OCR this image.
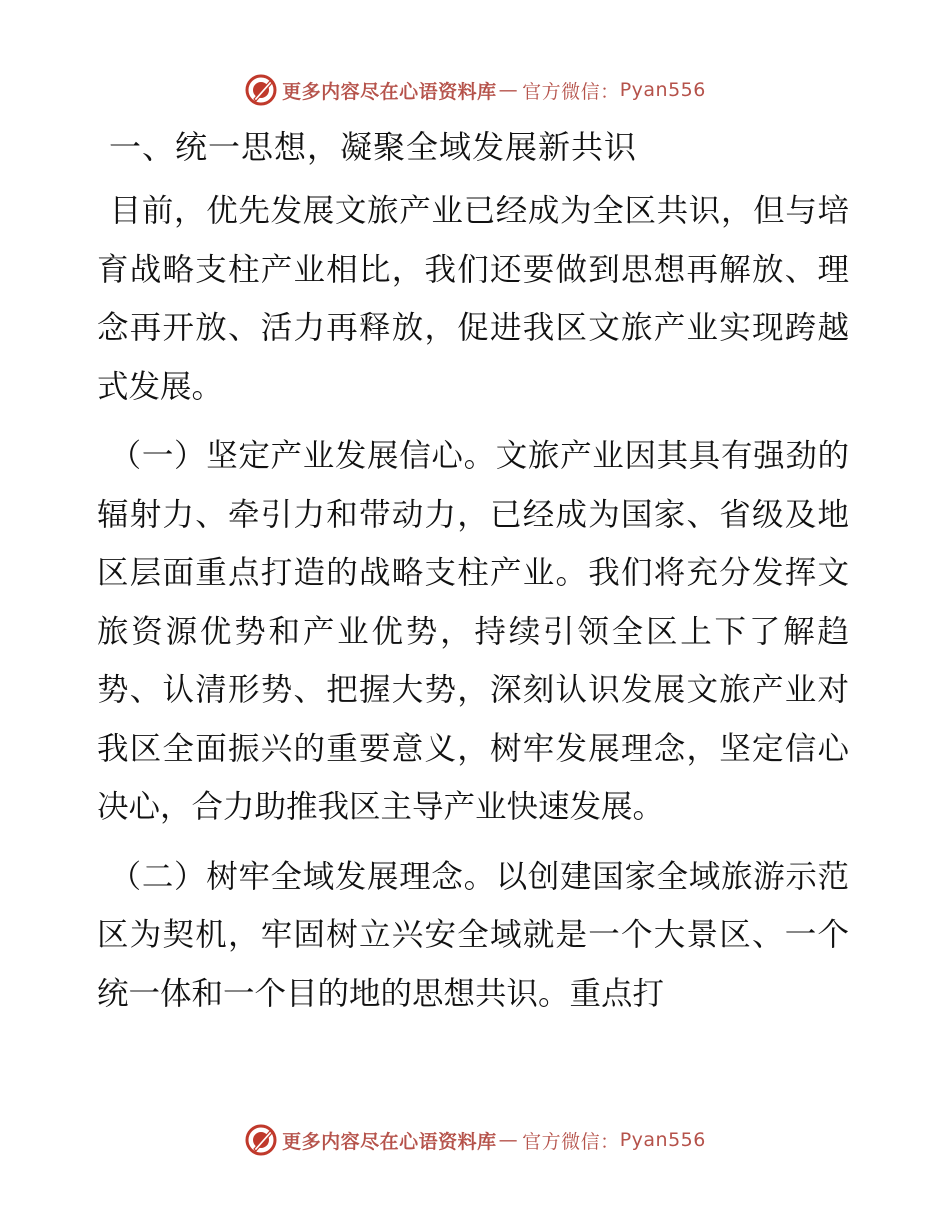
更多内容尽在心语资料库 — 官方微信： Pyan556
一、统一思想，凝聚全域发展新共识

目前，优先发展文旅产业已经成为全区共识，但与培育战略支柱产业相比，我们还要做到思想再解放、理念再开放、活力再释放，促进我区文旅产业实现跨越式发展。

（一）坚定产业发展信心。文旅产业因其具有强劲的辐射力、牵引力和带动力，已经成为国家、省级及地区层面重点打造的战略支柱产业。我们将充分发挥文旅资源优势和产业优势，持续引领全区上下了解趋势、认清形势、把握大势，深刻认识发展文旅产业对我区全面振兴的重要意义，树牢发展理念，坚定信心决心，合力助推我区主导产业快速发展。

（二）树牢全域发展理念。以创建国家全域旅游示范区为契机，牢固树立兴安全域就是一个大景区、一个统一体和一个目的地的思想共识。重点打

更多内容尽在心语资料库 — 官方微信： Pyan556
